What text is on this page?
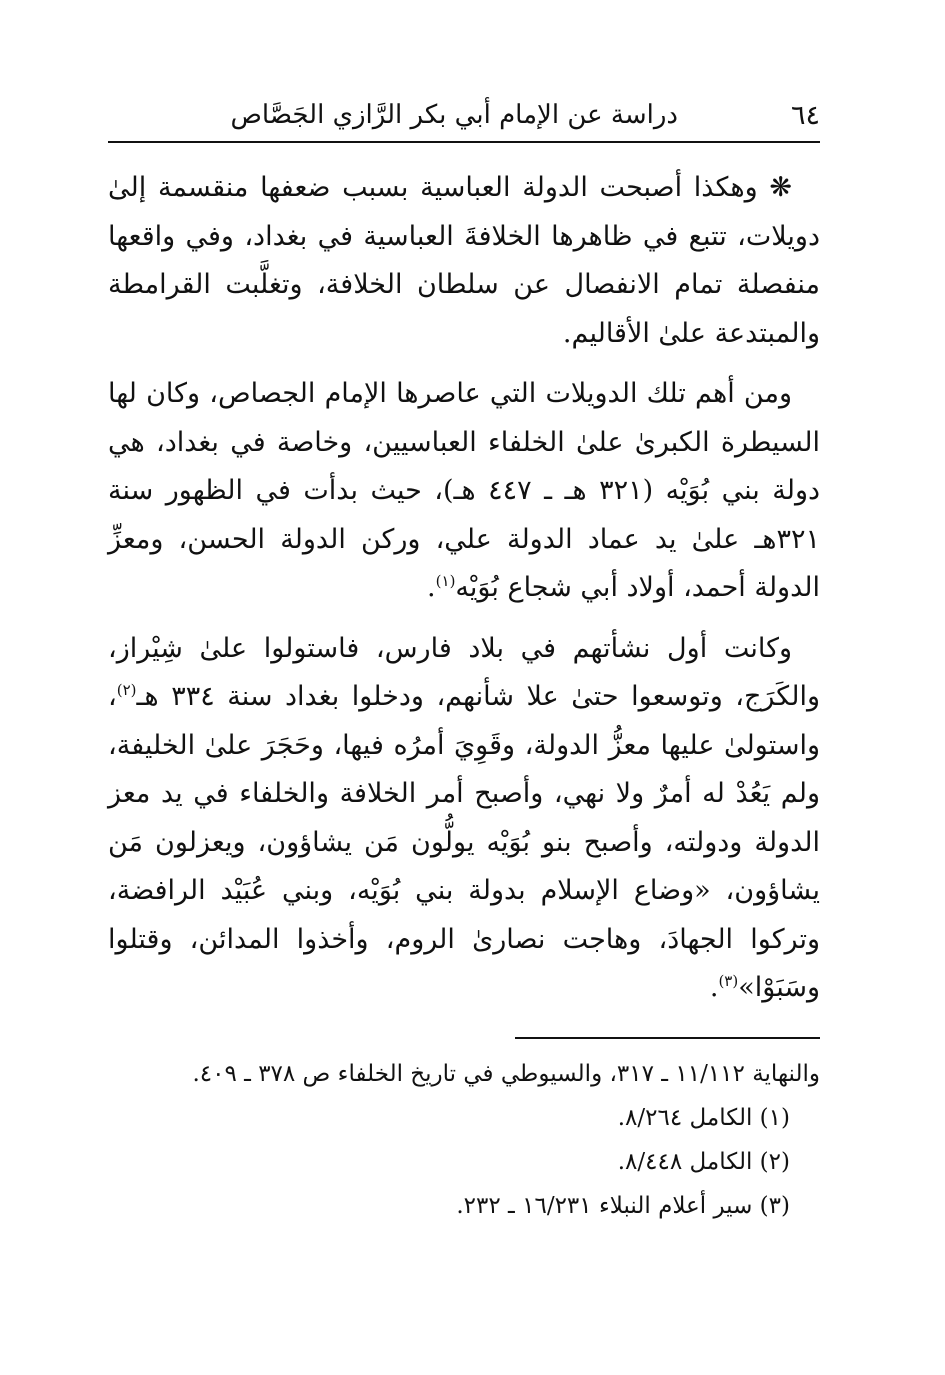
٦٤
دراسة عن الإمام أبي بكر الرَّازي الجَصَّاص

❋ وهكذا أصبحت الدولة العباسية بسبب ضعفها منقسمة إلىٰ دويلات، تتبع في ظاهرها الخلافةَ العباسية في بغداد، وفي واقعها منفصلة تمام الانفصال عن سلطان الخلافة، وتغلَّبت القرامطة والمبتدعة علىٰ الأقاليم.

ومن أهم تلك الدويلات التي عاصرها الإمام الجصاص، وكان لها السيطرة الكبرىٰ علىٰ الخلفاء العباسيين، وخاصة في بغداد، هي دولة بني بُوَيْه (٣٢١ هـ ـ ٤٤٧ هـ)، حيث بدأت في الظهور سنة ٣٢١هـ علىٰ يد عماد الدولة علي، وركن الدولة الحسن، ومعزِّ الدولة أحمد، أولاد أبي شجاع بُوَيْه$^{(١)}$.

وكانت أول نشأتهم في بلاد فارس، فاستولوا علىٰ شِيْراز، والكَرَج، وتوسعوا حتىٰ علا شأنهم، ودخلوا بغداد سنة ٣٣٤ هـ$^{(٢)}$، واستولىٰ عليها معزُّ الدولة، وقَوِيَ أمرُه فيها، وحَجَرَ علىٰ الخليفة، ولم يَعُدْ له أمرٌ ولا نهي، وأصبح أمر الخلافة والخلفاء في يد معز الدولة ودولته، وأصبح بنو بُوَيْه يولُّون مَن يشاؤون، ويعزلون مَن يشاؤون، «وضاع الإسلام بدولة بني بُوَيْه، وبني عُبَيْد الرافضة، وتركوا الجهادَ، وهاجت نصارىٰ الروم، وأخذوا المدائن، وقتلوا وسَبَوْا»$^{(٣)}$.

والنهاية ١١/١١٢ ـ ٣١٧، والسيوطي في تاريخ الخلفاء ص ٣٧٨ ـ ٤٠٩.

(١) الكامل ٨/٢٦٤.

(٢) الكامل ٨/٤٤٨.

(٣) سير أعلام النبلاء ١٦/٢٣١ ـ ٢٣٢.
